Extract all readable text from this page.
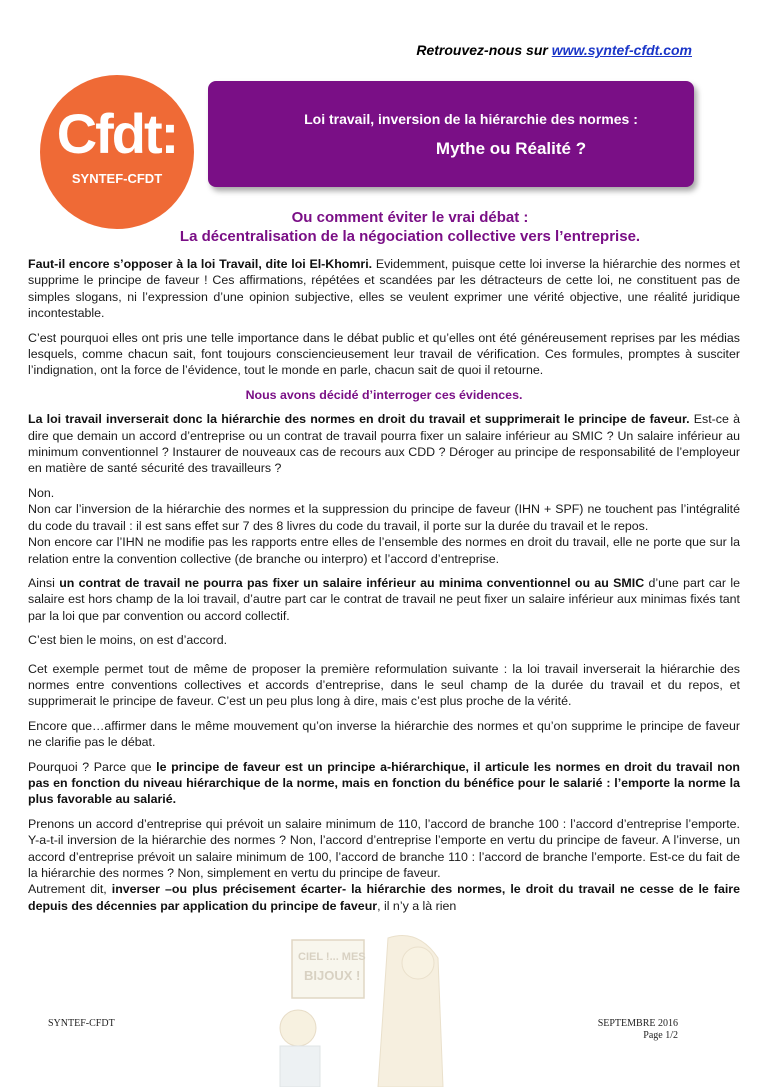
Retrouvez-nous sur www.syntef-cfdt.com
Cfdt:
SYNTEF-CFDT
Loi travail, inversion de la hiérarchie des normes :
Mythe ou Réalité ?
Ou comment éviter le vrai débat :
La décentralisation de la négociation collective vers l’entreprise.
CIEL !... MES
BIJOUX !

Faut-il encore s’opposer à la loi Travail, dite loi El-Khomri. Evidemment, puisque cette loi inverse la hiérarchie des normes et supprime le principe de faveur ! Ces affirmations, répétées et scandées par les détracteurs de cette loi, ne constituent pas de simples slogans, ni l’expression d’une opinion subjective, elles se veulent exprimer une vérité objective, une réalité juridique incontestable.

C’est pourquoi elles ont pris une telle importance dans le débat public et qu’elles ont été généreusement reprises par les médias lesquels, comme chacun sait, font toujours consciencieusement leur travail de vérification. Ces formules, promptes à susciter l’indignation, ont la force de l’évidence, tout le monde en parle, chacun sait de quoi il retourne.

Nous avons décidé d’interroger ces évidences.

La loi travail inverserait donc la hiérarchie des normes en droit du travail et supprimerait le principe de faveur. Est-ce à dire que demain un accord d’entreprise ou un contrat de travail pourra fixer un salaire inférieur au SMIC ? Un salaire inférieur au minimum conventionnel ? Instaurer de nouveaux cas de recours aux CDD ? Déroger au principe de responsabilité de l’employeur en matière de santé sécurité des travailleurs ?

Non.
Non car l’inversion de la hiérarchie des normes et la suppression du principe de faveur (IHN + SPF) ne touchent pas l’intégralité du code du travail : il est sans effet sur 7 des 8 livres du code du travail, il porte sur la durée du travail et le repos.
Non encore car l’IHN ne modifie pas les rapports entre elles de l’ensemble des normes en droit du travail, elle ne porte que sur la relation entre la convention collective (de branche ou interpro) et l’accord d’entreprise.

Ainsi un contrat de travail ne pourra pas fixer un salaire inférieur au minima conventionnel ou au SMIC d’une part car le salaire est hors champ de la loi travail, d’autre part car le contrat de travail ne peut fixer un salaire inférieur aux minimas fixés tant par la loi que par convention ou accord collectif.

C’est bien le moins, on est d’accord.

Cet exemple permet tout de même de proposer la première reformulation suivante : la loi travail inverserait la hiérarchie des normes entre conventions collectives et accords d’entreprise, dans le seul champ de la durée du travail et du repos, et supprimerait le principe de faveur. C’est un peu plus long à dire, mais c’est plus proche de la vérité.

Encore que…affirmer dans le même mouvement qu’on inverse la hiérarchie des normes et qu’on supprime le principe de faveur ne clarifie pas le débat.

Pourquoi ? Parce que le principe de faveur est un principe a-hiérarchique, il articule les normes en droit du travail non pas en fonction du niveau hiérarchique de la norme, mais en fonction du bénéfice pour le salarié : l’emporte la norme la plus favorable au salarié.

Prenons un accord d’entreprise qui prévoit un salaire minimum de 110, l’accord de branche 100 : l’accord d’entreprise l’emporte. Y-a-t-il inversion de la hiérarchie des normes ? Non, l’accord d’entreprise l’emporte en vertu du principe de faveur. A l’inverse, un accord d’entreprise prévoit un salaire minimum de 100, l’accord de branche 110 : l’accord de branche l’emporte. Est-ce du fait de la hiérarchie des normes ? Non, simplement en vertu du principe de faveur.

Autrement dit, inverser –ou plus précisement écarter- la hiérarchie des normes, le droit du travail ne cesse de le faire depuis des décennies par application du principe de faveur, il n’y a là rien

SYNTEF-CFDT	SEPTEMBRE 2016
Page 1/2
